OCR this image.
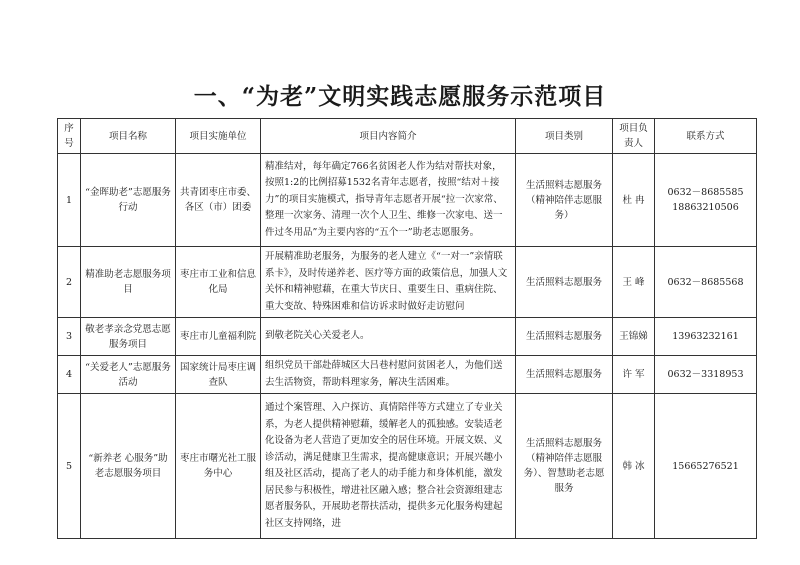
一、“为老”文明实践志愿服务示范项目
序号	项目名称	项目实施单位	项目内容简介	项目类别	项目负责人	联系方式
1	“金晖助老”志愿服务行动	共青团枣庄市委、各区（市）团委	精准结对，每年确定766名贫困老人作为结对帮扶对象，按照1:2的比例招募1532名青年志愿者，按照“结对＋接力”的项目实施模式，指导青年志愿者开展“拉一次家常、整理一次家务、清理一次个人卫生、维修一次家电、送一件过冬用品”为主要内容的“五个一”助老志愿服务。	生活照料志愿服务（精神陪伴志愿服务）	杜 冉	0632－8685585 18863210506
2	精准助老志愿服务项目	枣庄市工业和信息化局	开展精准助老服务，为服务的老人建立《“一对一”亲情联系卡》，及时传递养老、医疗等方面的政策信息，加强人文关怀和精神慰藉，在重大节庆日、重要生日、重病住院、重大变故、特殊困难和信访诉求时做好走访慰问	生活照料志愿服务	王 峰	0632－8685568
3	敬老孝亲念党恩志愿服务项目	枣庄市儿童福利院	到敬老院关心关爱老人。	生活照料志愿服务	王锦娣	13963232161
4	“关爱老人”志愿服务活动	国家统计局枣庄调查队	组织党员干部赴薛城区大吕巷村慰问贫困老人，为他们送去生活物资，帮助料理家务，解决生活困难。	生活照料志愿服务	许 军	0632－3318953
5	“新养老 心服务”助老志愿服务项目	枣庄市曙光社工服务中心	通过个案管理、入户探访、真情陪伴等方式建立了专业关系，为老人提供精神慰藉，缓解老人的孤独感。安装适老化设备为老人营造了更加安全的居住环境。开展文娱、义诊活动，满足健康卫生需求，提高健康意识；开展兴趣小组及社区活动，提高了老人的动手能力和身体机能，激发居民参与积极性，增进社区融入感；整合社会资源组建志愿者服务队，开展助老帮扶活动，提供多元化服务构建起社区支持网络，进	生活照料志愿服务（精神陪伴志愿服务）、智慧助老志愿服务	韩 冰	15665276521
